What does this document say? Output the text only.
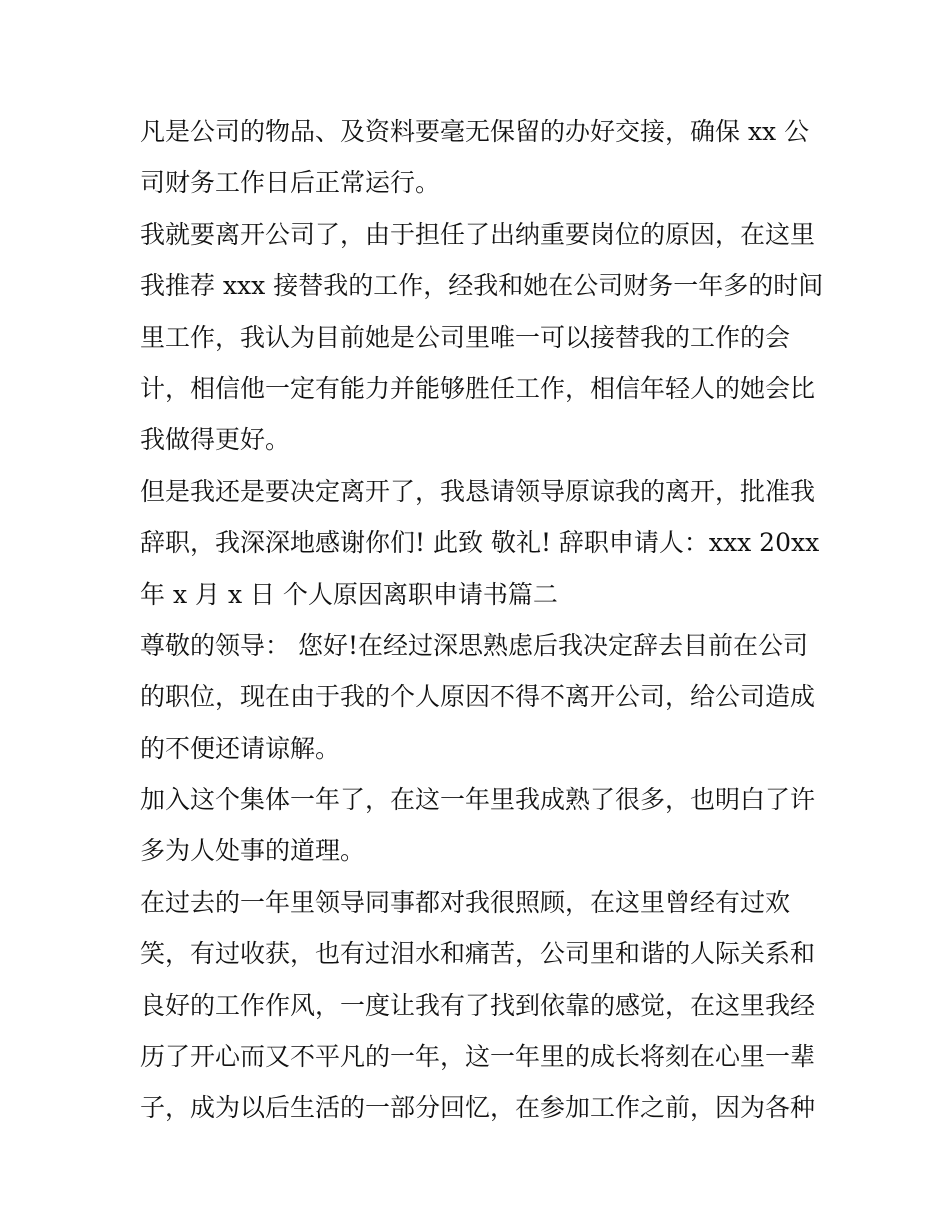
凡是公司的物品、及资料要毫无保留的办好交接，确保 xx 公
司财务工作日后正常运行。
我就要离开公司了，由于担任了出纳重要岗位的原因，在这里
我推荐 xxx 接替我的工作，经我和她在公司财务一年多的时间
里工作，我认为目前她是公司里唯一可以接替我的工作的会
计，相信他一定有能力并能够胜任工作，相信年轻人的她会比
我做得更好。
但是我还是要决定离开了，我恳请领导原谅我的离开，批准我
辞职，我深深地感谢你们! 此致 敬礼! 辞职申请人：xxx 20xx
年 x 月 x 日 个人原因离职申请书篇二
尊敬的领导： 您好!在经过深思熟虑后我决定辞去目前在公司
的职位，现在由于我的个人原因不得不离开公司，给公司造成
的不便还请谅解。
加入这个集体一年了，在这一年里我成熟了很多，也明白了许
多为人处事的道理。
在过去的一年里领导同事都对我很照顾，在这里曾经有过欢
笑，有过收获，也有过泪水和痛苦，公司里和谐的人际关系和
良好的工作作风，一度让我有了找到依靠的感觉，在这里我经
历了开心而又不平凡的一年，这一年里的成长将刻在心里一辈
子，成为以后生活的一部分回忆，在参加工作之前，因为各种
